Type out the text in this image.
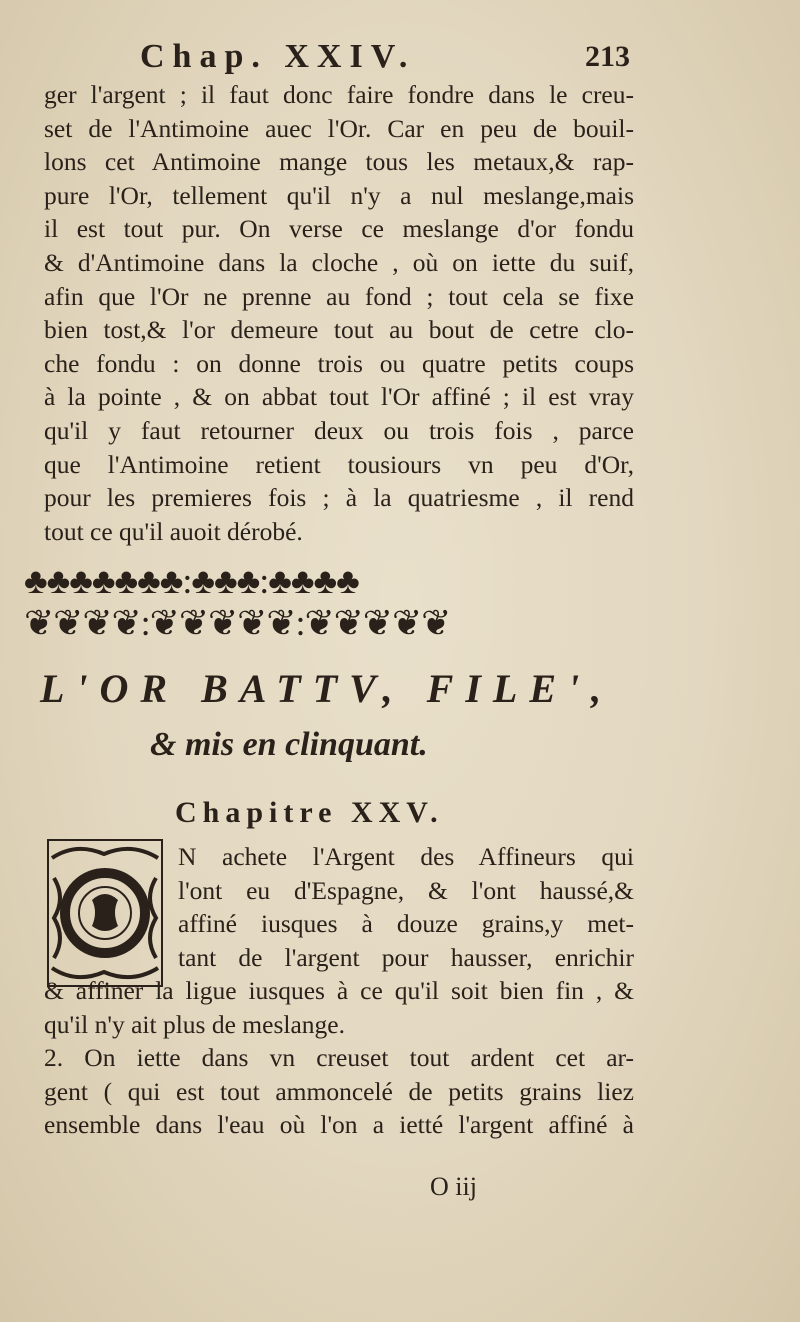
Chap. XXIV.	213
ger l'argent ; il faut donc faire fondre dans le creu-
set de l'Antimoine auec l'Or. Car en peu de bouil-
lons cet Antimoine mange tous les metaux,& rap-
pure l'Or, tellement qu'il n'y a nul meslange,mais
il est tout pur. On verse ce meslange d'or fondu
& d'Antimoine dans la cloche , où on iette du suif,
afin que l'Or ne prenne au fond ; tout cela se fixe
bien tost,& l'or demeure tout au bout de cetre clo-
che fondu : on donne trois ou quatre petits coups
à la pointe , & on abbat tout l'Or affiné ; il est vray
qu'il y faut retourner deux ou trois fois , parce
que l'Antimoine retient tousiours vn peu d'Or,
pour les premieres fois ; à la quatriesme , il rend
tout ce qu'il auoit dérobé.
♣♣♣♣♣♣♣:♣♣♣:♣♣♣♣
❦❦❦❦:❦❦❦❦❦:❦❦❦❦❦
L'OR BATTV, FILE',
& mis en clinquant.
Chapitre XXV.
N achete l'Argent des Affineurs qui
l'ont eu d'Espagne, & l'ont haussé,&
affiné iusques à douze grains,y met-
tant de l'argent pour hausser, enrichir
& affiner la ligue iusques à ce qu'il soit bien fin , &
qu'il n'y ait plus de meslange.
2. On iette dans vn creuset tout ardent cet ar-
gent ( qui est tout ammoncelé de petits grains liez
ensemble dans l'eau où l'on a ietté l'argent affiné à
O iij
